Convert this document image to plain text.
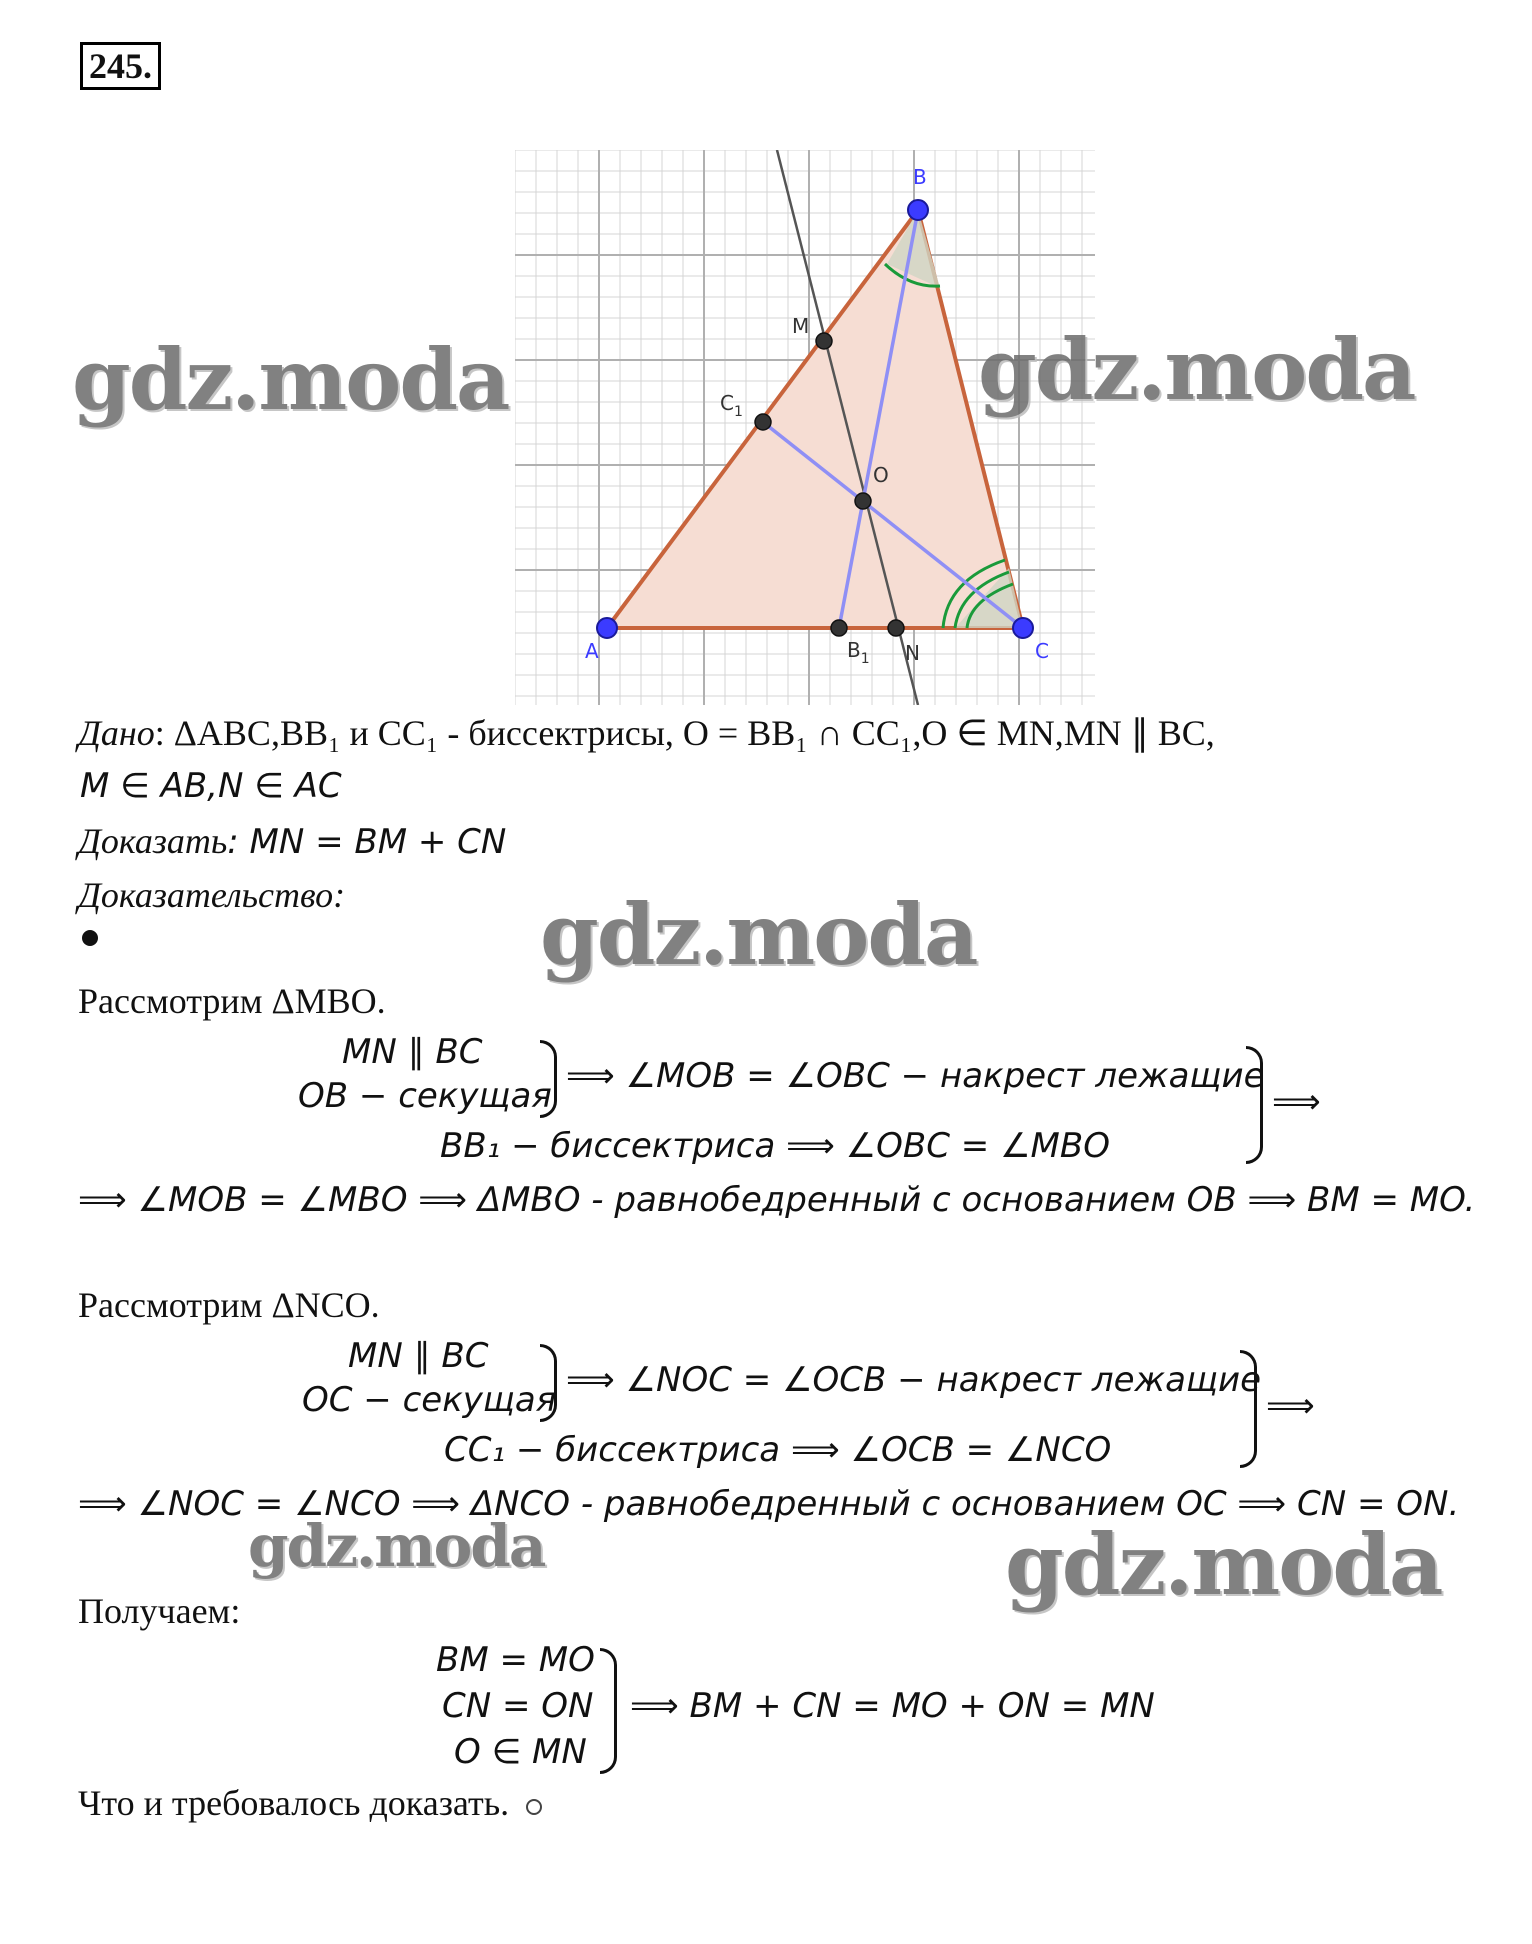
245.
B
A	C
M
O
N
$C_1$
$B_1$
gdz.moda	gdz.moda
gdz.moda
gdz.moda	gdz.moda
Дано: ΔABC,BB₁ и CC₁ - биссектрисы, O = BB₁ ∩ CC₁,O ∈ MN,MN ∥ BC,
M ∈ AB,N ∈ AC
Доказать: MN = BM + CN
Доказательство:
Рассмотрим ΔMBO.
MN ∥ BC
OB − секущая ⟹ ∠MOB = ∠OBC − накрест лежащие
BB₁ − биссектриса ⟹ ∠OBC = ∠MBO
⟹
⟹ ∠MOB = ∠MBO ⟹ ΔMBO - равнобедренный с основанием OB ⟹ BM = MO.
Рассмотрим ΔNCO.
MN ∥ BC
OC − секущая ⟹ ∠NOC = ∠OCB − накрест лежащие
CC₁ − биссектриса ⟹ ∠OCB = ∠NCO
⟹
⟹ ∠NOC = ∠NCO ⟹ ΔNCO - равнобедренный с основанием OC ⟹ CN = ON.
Получаем:
BM = MO
CN = ON
O ∈ MN
⟹ BM + CN = MO + ON = MN
Что и требовалось доказать.
